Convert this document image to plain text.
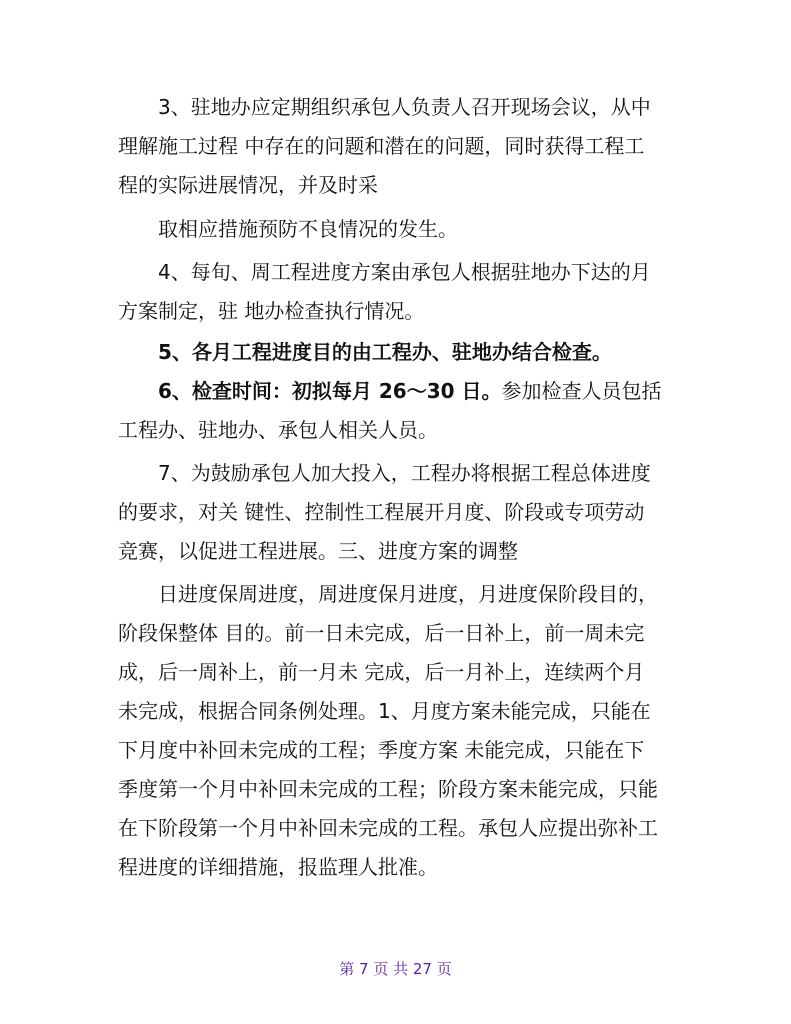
　　3、驻地办应定期组织承包人负责人召开现场会议，从中
理解施工过程 中存在的问题和潜在的问题，同时获得工程工
程的实际进展情况，并及时采

　　取相应措施预防不良情况的发生。

　　4、每旬、周工程进度方案由承包人根据驻地办下达的月
方案制定，驻 地办检查执行情况。

　　5、各月工程进度目的由工程办、驻地办结合检查。

　　6、检查时间：初拟每月 26～30 日。参加检查人员包括
工程办、驻地办、承包人相关人员。

　　7、为鼓励承包人加大投入，工程办将根据工程总体进度
的要求，对关 键性、控制性工程展开月度、阶段或专项劳动
竞赛，以促进工程进展。三、进度方案的调整

　　日进度保周进度，周进度保月进度，月进度保阶段目的，
阶段保整体 目的。前一日未完成，后一日补上，前一周未完
成，后一周补上，前一月未 完成，后一月补上，连续两个月
未完成，根据合同条例处理。1、月度方案未能完成，只能在
下月度中补回未完成的工程；季度方案 未能完成，只能在下
季度第一个月中补回未完成的工程；阶段方案未能完成，只能
在下阶段第一个月中补回未完成的工程。承包人应提出弥补工
程进度的详细措施，报监理人批准。

第 7 页 共 27 页
